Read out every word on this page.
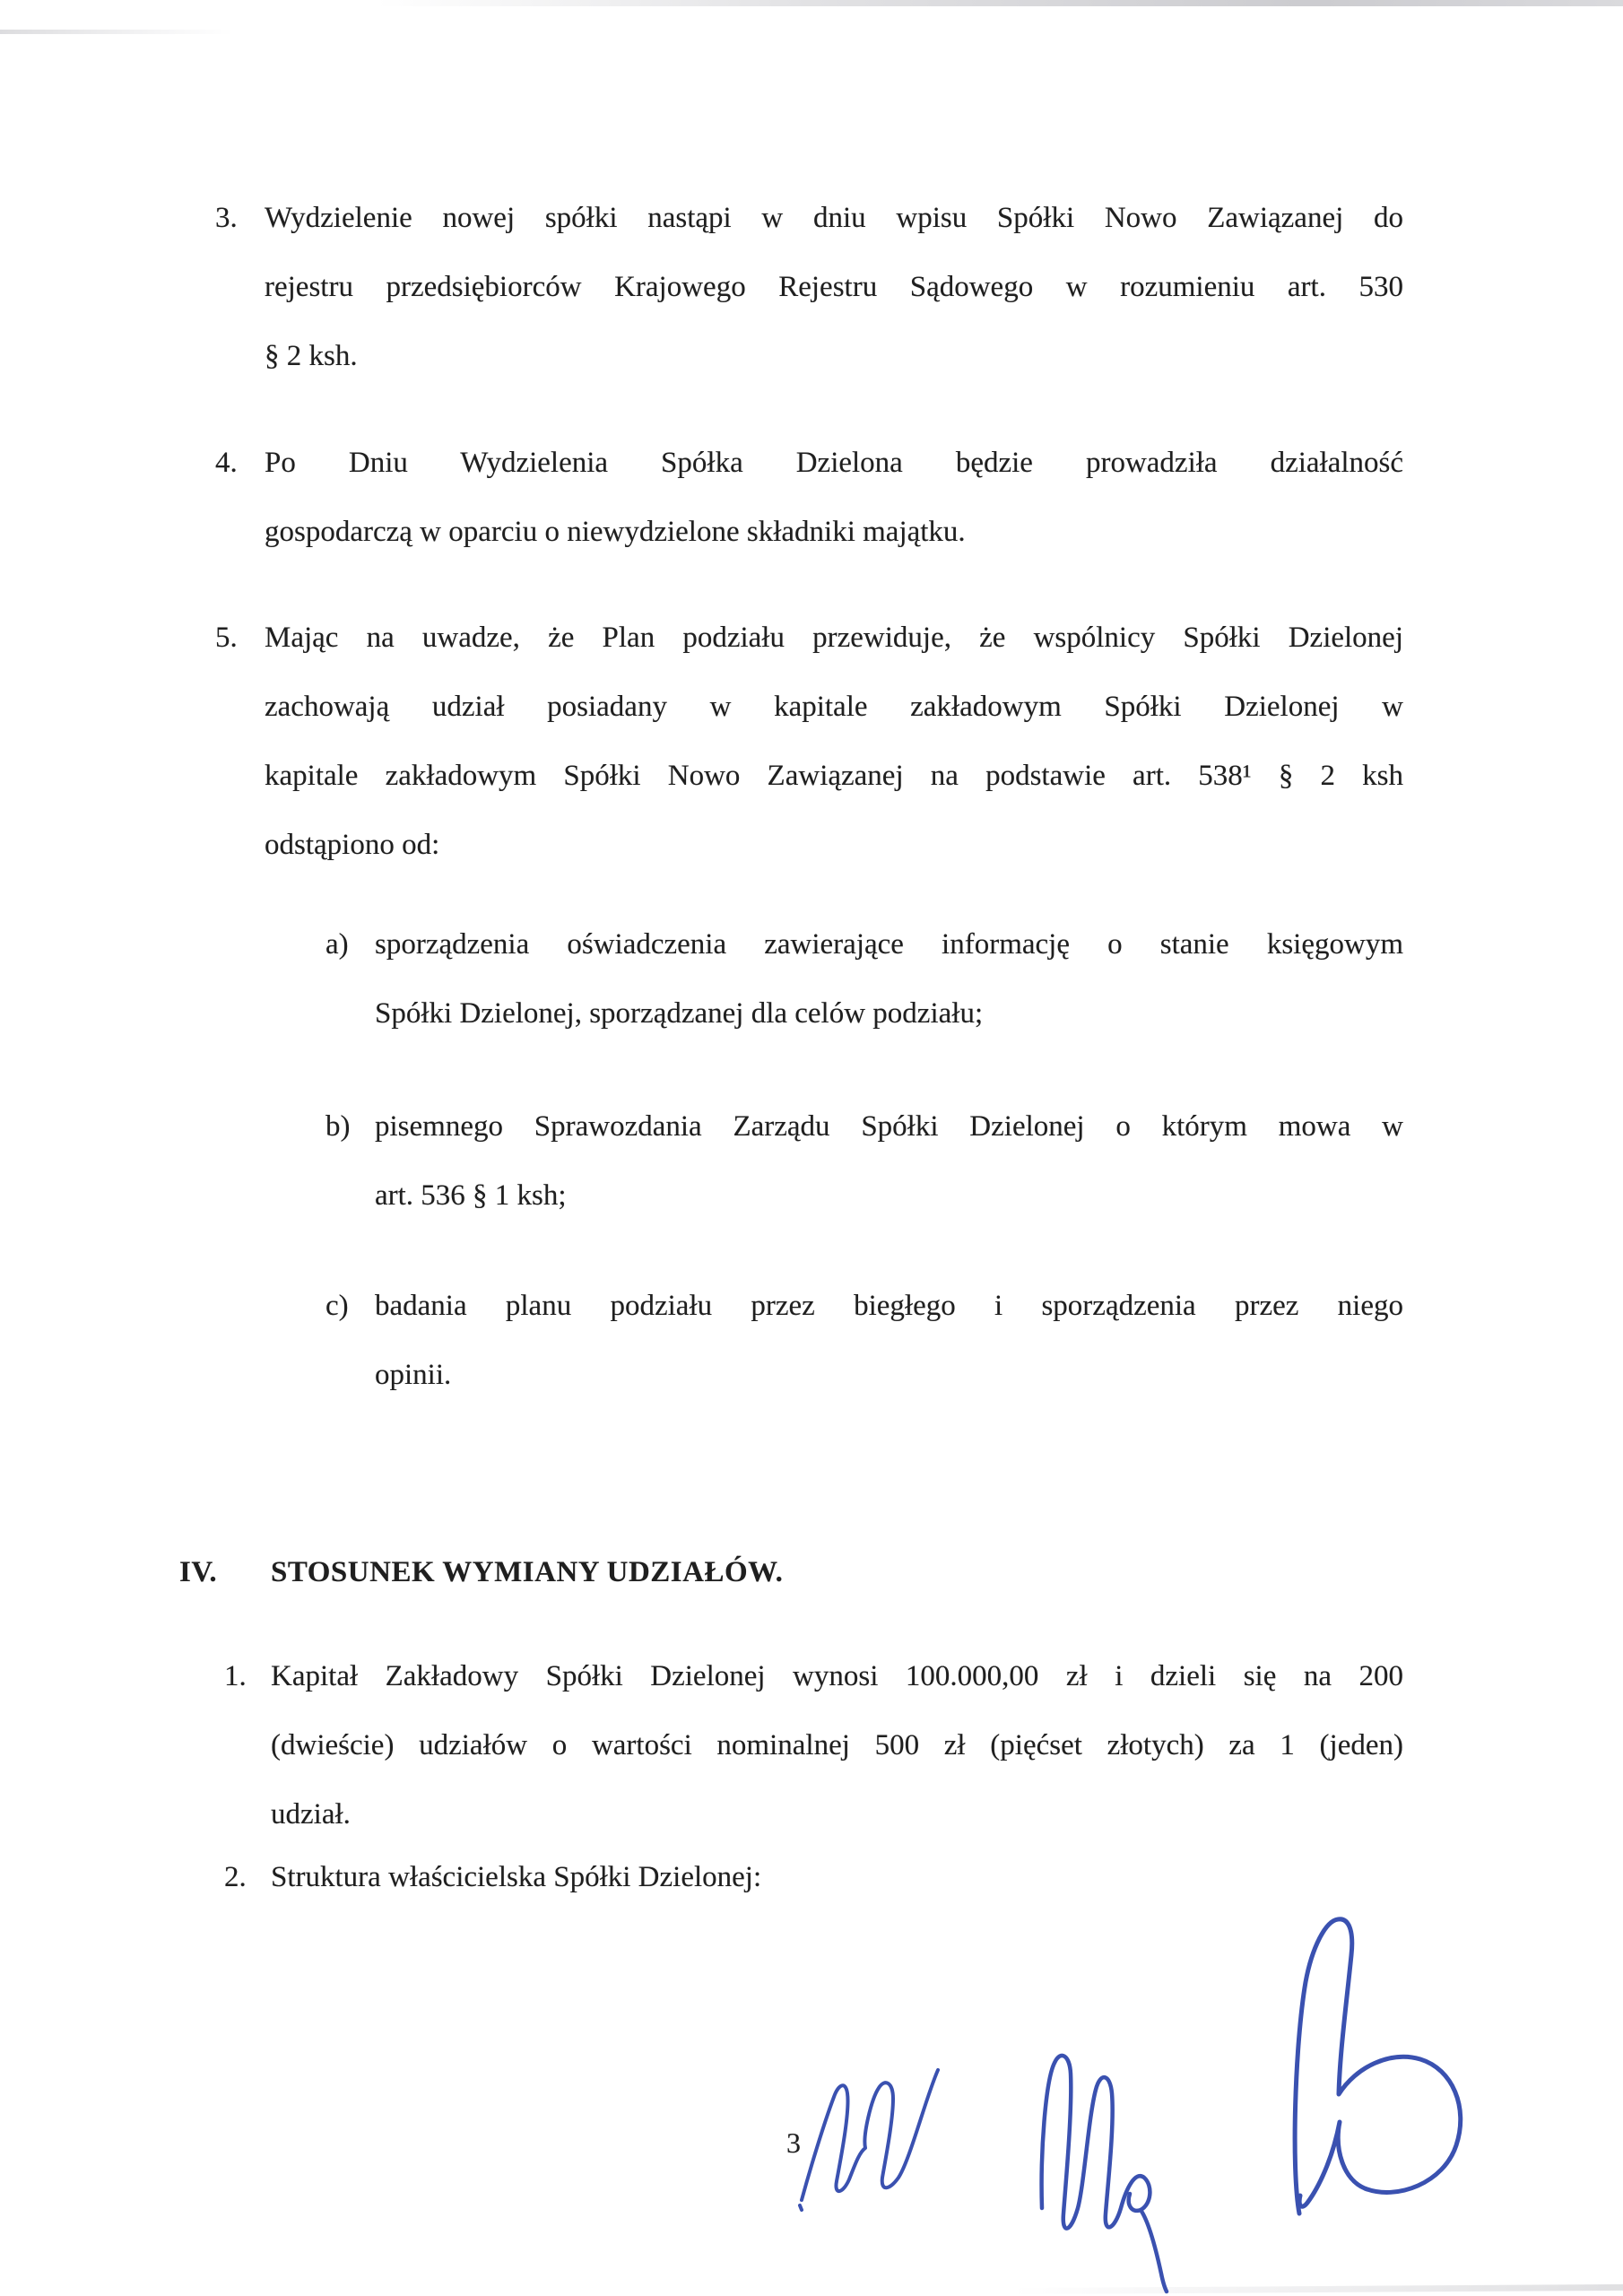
3. Wydzielenie nowej spółki nastąpi w dniu wpisu Spółki Nowo Zawiązanej do
rejestru przedsiębiorców Krajowego Rejestru Sądowego w rozumieniu art. 530
§ 2 ksh.
4. Po Dniu Wydzielenia Spółka Dzielona będzie prowadziła działalność
gospodarczą w oparciu o niewydzielone składniki majątku.
5. Mając na uwadze, że Plan podziału przewiduje, że wspólnicy Spółki Dzielonej
zachowają udział posiadany w kapitale zakładowym Spółki Dzielonej w
kapitale zakładowym Spółki Nowo Zawiązanej na podstawie art. 538¹ § 2 ksh
odstąpiono od:
a) sporządzenia oświadczenia zawierające informację o stanie księgowym
Spółki Dzielonej, sporządzanej dla celów podziału;
b) pisemnego Sprawozdania Zarządu Spółki Dzielonej o którym mowa w
art. 536 § 1 ksh;
c) badania planu podziału przez biegłego i sporządzenia przez niego
opinii.
IV.	STOSUNEK WYMIANY UDZIAŁÓW.
1. Kapitał Zakładowy Spółki Dzielonej wynosi 100.000,00 zł i dzieli się na 200
(dwieście) udziałów o wartości nominalnej 500 zł (pięćset złotych) za 1 (jeden)
udział.
2. Struktura właścicielska Spółki Dzielonej:
3
